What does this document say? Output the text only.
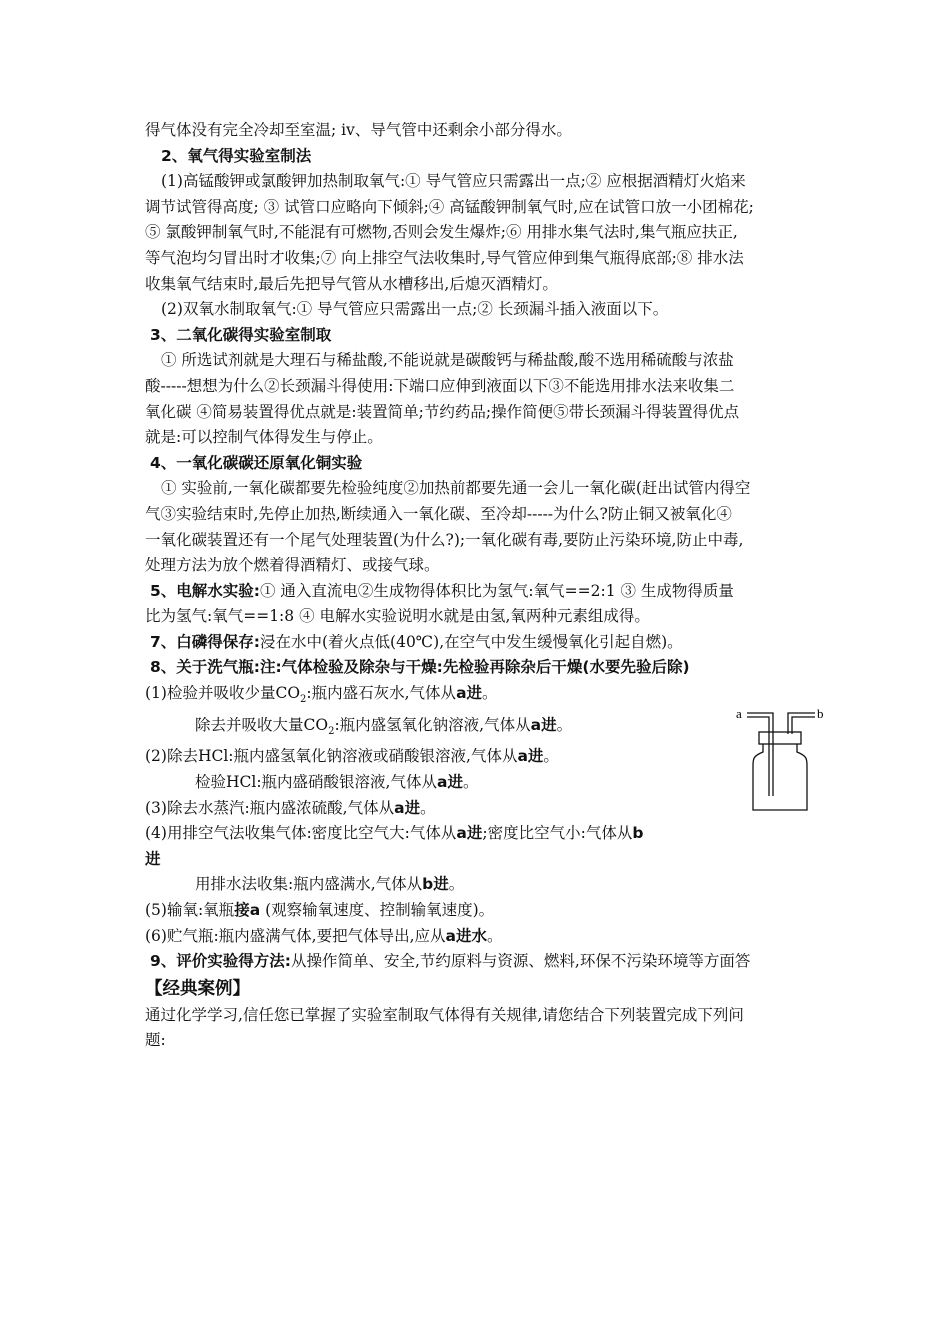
得气体没有完全冷却至室温; ⅳ、导气管中还剩余小部分得水。

2、氧气得实验室制法

(1)高锰酸钾或氯酸钾加热制取氧气:① 导气管应只需露出一点;② 应根据酒精灯火焰来

调节试管得高度; ③ 试管口应略向下倾斜;④ 高锰酸钾制氧气时,应在试管口放一小团棉花;

⑤ 氯酸钾制氧气时,不能混有可燃物,否则会发生爆炸;⑥ 用排水集气法时,集气瓶应扶正,

等气泡均匀冒出时才收集;⑦ 向上排空气法收集时,导气管应伸到集气瓶得底部;⑧ 排水法

收集氧气结束时,最后先把导气管从水槽移出,后熄灭酒精灯。

(2)双氧水制取氧气:① 导气管应只需露出一点;② 长颈漏斗插入液面以下。

3、二氧化碳得实验室制取

① 所选试剂就是大理石与稀盐酸,不能说就是碳酸钙与稀盐酸,酸不选用稀硫酸与浓盐

酸-----想想为什么②长颈漏斗得使用:下端口应伸到液面以下③不能选用排水法来收集二

氧化碳 ④简易装置得优点就是:装置简单;节约药品;操作简便⑤带长颈漏斗得装置得优点

就是:可以控制气体得发生与停止。

4、一氧化碳碳还原氧化铜实验

① 实验前,一氧化碳都要先检验纯度②加热前都要先通一会儿一氧化碳(赶出试管内得空

气③实验结束时,先停止加热,断续通入一氧化碳、至冷却-----为什么?防止铜又被氧化④

一氧化碳装置还有一个尾气处理装置(为什么?);一氧化碳有毒,要防止污染环境,防止中毒,

处理方法为放个燃着得酒精灯、或接气球。

5、电解水实验:① 通入直流电②生成物得体积比为氢气:氧气==2:1 ③ 生成物得质量

比为氢气:氧气==1:8 ④ 电解水实验说明水就是由氢,氧两种元素组成得。

7、白磷得保存:浸在水中(着火点低(40℃),在空气中发生缓慢氧化引起自燃)。

8、关于洗气瓶:注:气体检验及除杂与干燥:先检验再除杂后干燥(水要先验后除)

(1)检验并吸收少量$CO_2$:瓶内盛石灰水,气体从a进。

除去并吸收大量$CO_2$:瓶内盛氢氧化钠溶液,气体从a进。

(2)除去HCl:瓶内盛氢氧化钠溶液或硝酸银溶液,气体从a进。

检验HCl:瓶内盛硝酸银溶液,气体从a进。

(3)除去水蒸汽:瓶内盛浓硫酸,气体从a进。

(4)用排空气法收集气体:密度比空气大:气体从a进;密度比空气小:气体从b

进

用排水法收集:瓶内盛满水,气体从b进。

(5)输氧:氧瓶接a (观察输氧速度、控制输氧速度)。

(6)贮气瓶:瓶内盛满气体,要把气体导出,应从a进水。

9、评价实验得方法:从操作简单、安全,节约原料与资源、燃料,环保不污染环境等方面答

【经典案例】

通过化学学习,信任您已掌握了实验室制取气体得有关规律,请您结合下列装置完成下列问

题:

a	b
